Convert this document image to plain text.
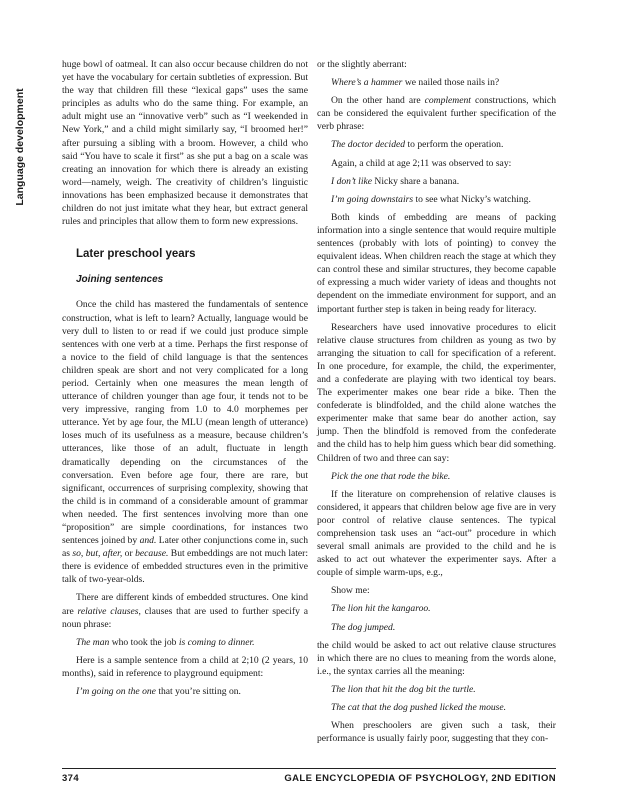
Language development

huge bowl of oatmeal. It can also occur because children do not yet have the vocabulary for certain subtleties of expression. But the way that children fill these “lexical gaps” uses the same principles as adults who do the same thing. For example, an adult might use an “innovative verb” such as “I weekended in New York,” and a child might similarly say, “I broomed her!” after pursuing a sibling with a broom. However, a child who said “You have to scale it first” as she put a bag on a scale was creating an innovation for which there is already an existing word—namely, weigh. The creativity of children’s linguistic innovations has been emphasized because it demonstrates that children do not just imitate what they hear, but extract general rules and principles that allow them to form new expressions.

Later preschool years
Joining sentences

Once the child has mastered the fundamentals of sentence construction, what is left to learn? Actually, language would be very dull to listen to or read if we could just produce simple sentences with one verb at a time. Perhaps the first response of a novice to the field of child language is that the sentences children speak are short and not very complicated for a long period. Certainly when one measures the mean length of utterance of children younger than age four, it tends not to be very impressive, ranging from 1.0 to 4.0 morphemes per utterance. Yet by age four, the MLU (mean length of utterance) loses much of its usefulness as a measure, because children’s utterances, like those of an adult, fluctuate in length dramatically depending on the circumstances of the conversation. Even before age four, there are rare, but significant, occurrences of surprising complexity, showing that the child is in command of a considerable amount of grammar when needed. The first sentences involving more than one “proposition” are simple coordinations, for instances two sentences joined by and. Later other conjunctions come in, such as so, but, after, or because. But embeddings are not much later: there is evidence of embedded structures even in the primitive talk of two-year-olds.

There are different kinds of embedded structures. One kind are relative clauses, clauses that are used to further specify a noun phrase:

The man who took the job is coming to dinner.

Here is a sample sentence from a child at 2;10 (2 years, 10 months), said in reference to playground equipment:

I’m going on the one that you’re sitting on.

or the slightly aberrant:

Where’s a hammer we nailed those nails in?

On the other hand are complement constructions, which can be considered the equivalent further specification of the verb phrase:

The doctor decided to perform the operation.

Again, a child at age 2;11 was observed to say:

I don’t like Nicky share a banana.

I’m going downstairs to see what Nicky’s watching.

Both kinds of embedding are means of packing information into a single sentence that would require multiple sentences (probably with lots of pointing) to convey the equivalent ideas. When children reach the stage at which they can control these and similar structures, they become capable of expressing a much wider variety of ideas and thoughts not dependent on the immediate environment for support, and an important further step is taken in being ready for literacy.

Researchers have used innovative procedures to elicit relative clause structures from children as young as two by arranging the situation to call for specification of a referent. In one procedure, for example, the child, the experimenter, and a confederate are playing with two identical toy bears. The experimenter makes one bear ride a bike. Then the confederate is blindfolded, and the child alone watches the experimenter make that same bear do another action, say jump. Then the blindfold is removed from the confederate and the child has to help him guess which bear did something. Children of two and three can say:

Pick the one that rode the bike.

If the literature on comprehension of relative clauses is considered, it appears that children below age five are in very poor control of relative clause sentences. The typical comprehension task uses an “act-out” procedure in which several small animals are provided to the child and he is asked to act out whatever the experimenter says. After a couple of simple warm-ups, e.g.,

Show me:

The lion hit the kangaroo.

The dog jumped.

the child would be asked to act out relative clause structures in which there are no clues to meaning from the words alone, i.e., the syntax carries all the meaning:

The lion that hit the dog bit the turtle.

The cat that the dog pushed licked the mouse.

When preschoolers are given such a task, their performance is usually fairly poor, suggesting that they con-

374	GALE ENCYCLOPEDIA OF PSYCHOLOGY, 2ND EDITION
